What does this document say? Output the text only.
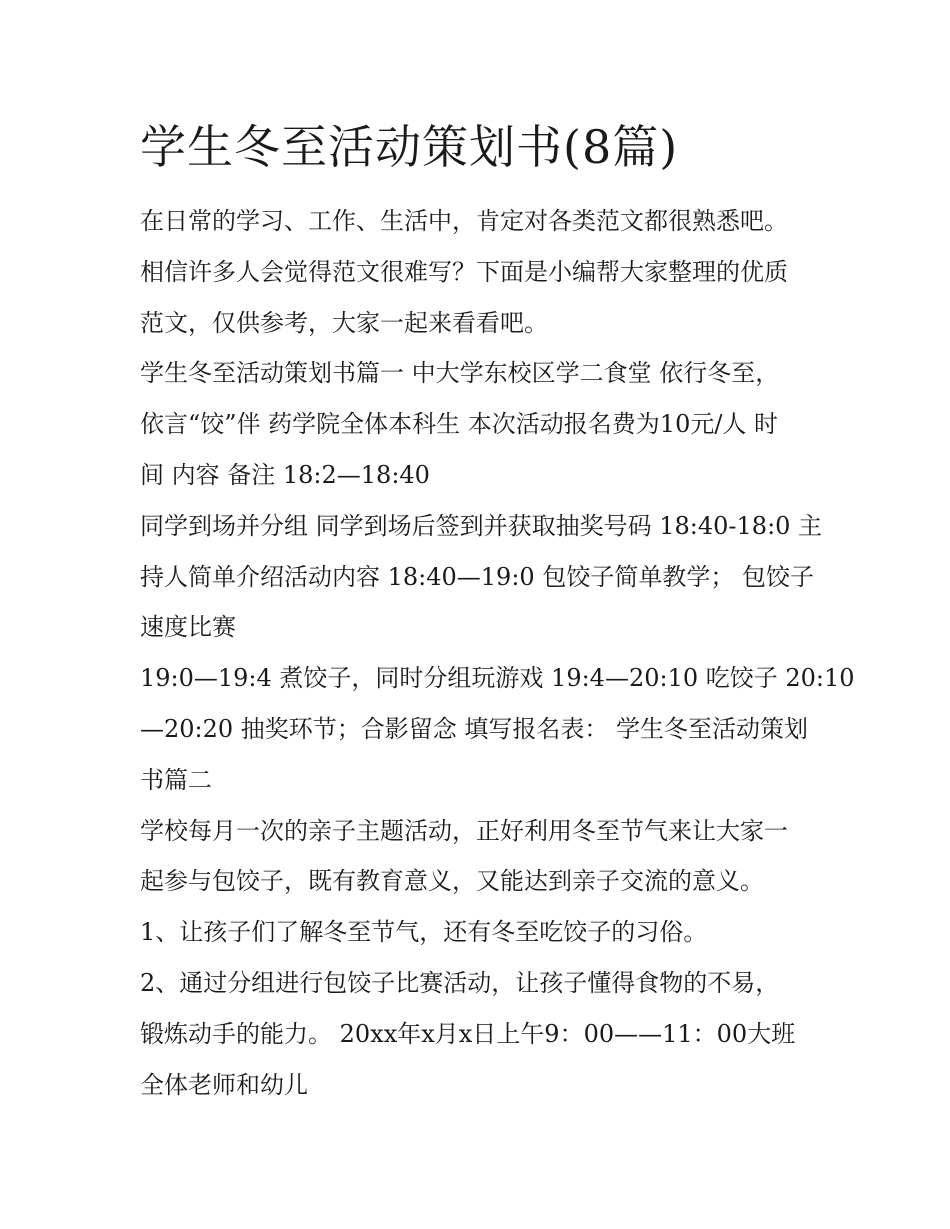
学生冬至活动策划书(8篇)

在日常的学习、工作、生活中，肯定对各类范文都很熟悉吧。
相信许多人会觉得范文很难写？下面是小编帮大家整理的优质
范文，仅供参考，大家一起来看看吧。

学生冬至活动策划书篇一 中大学东校区学二食堂 依行冬至，
依言“饺”伴 药学院全体本科生 本次活动报名费为10元/人 时
间 内容 备注 18:2—18:40

同学到场并分组 同学到场后签到并获取抽奖号码 18:40-18:0 主
持人简单介绍活动内容 18:40—19:0 包饺子简单教学； 包饺子
速度比赛

19:0—19:4 煮饺子，同时分组玩游戏 19:4—20:10 吃饺子 20:10
—20:20 抽奖环节；合影留念 填写报名表： 学生冬至活动策划
书篇二

学校每月一次的亲子主题活动，正好利用冬至节气来让大家一
起参与包饺子，既有教育意义，又能达到亲子交流的意义。

1、让孩子们了解冬至节气，还有冬至吃饺子的习俗。

2、通过分组进行包饺子比赛活动，让孩子懂得食物的不易，
锻炼动手的能力。 20xx年x月x日上午9：00——11：00大班
全体老师和幼儿
